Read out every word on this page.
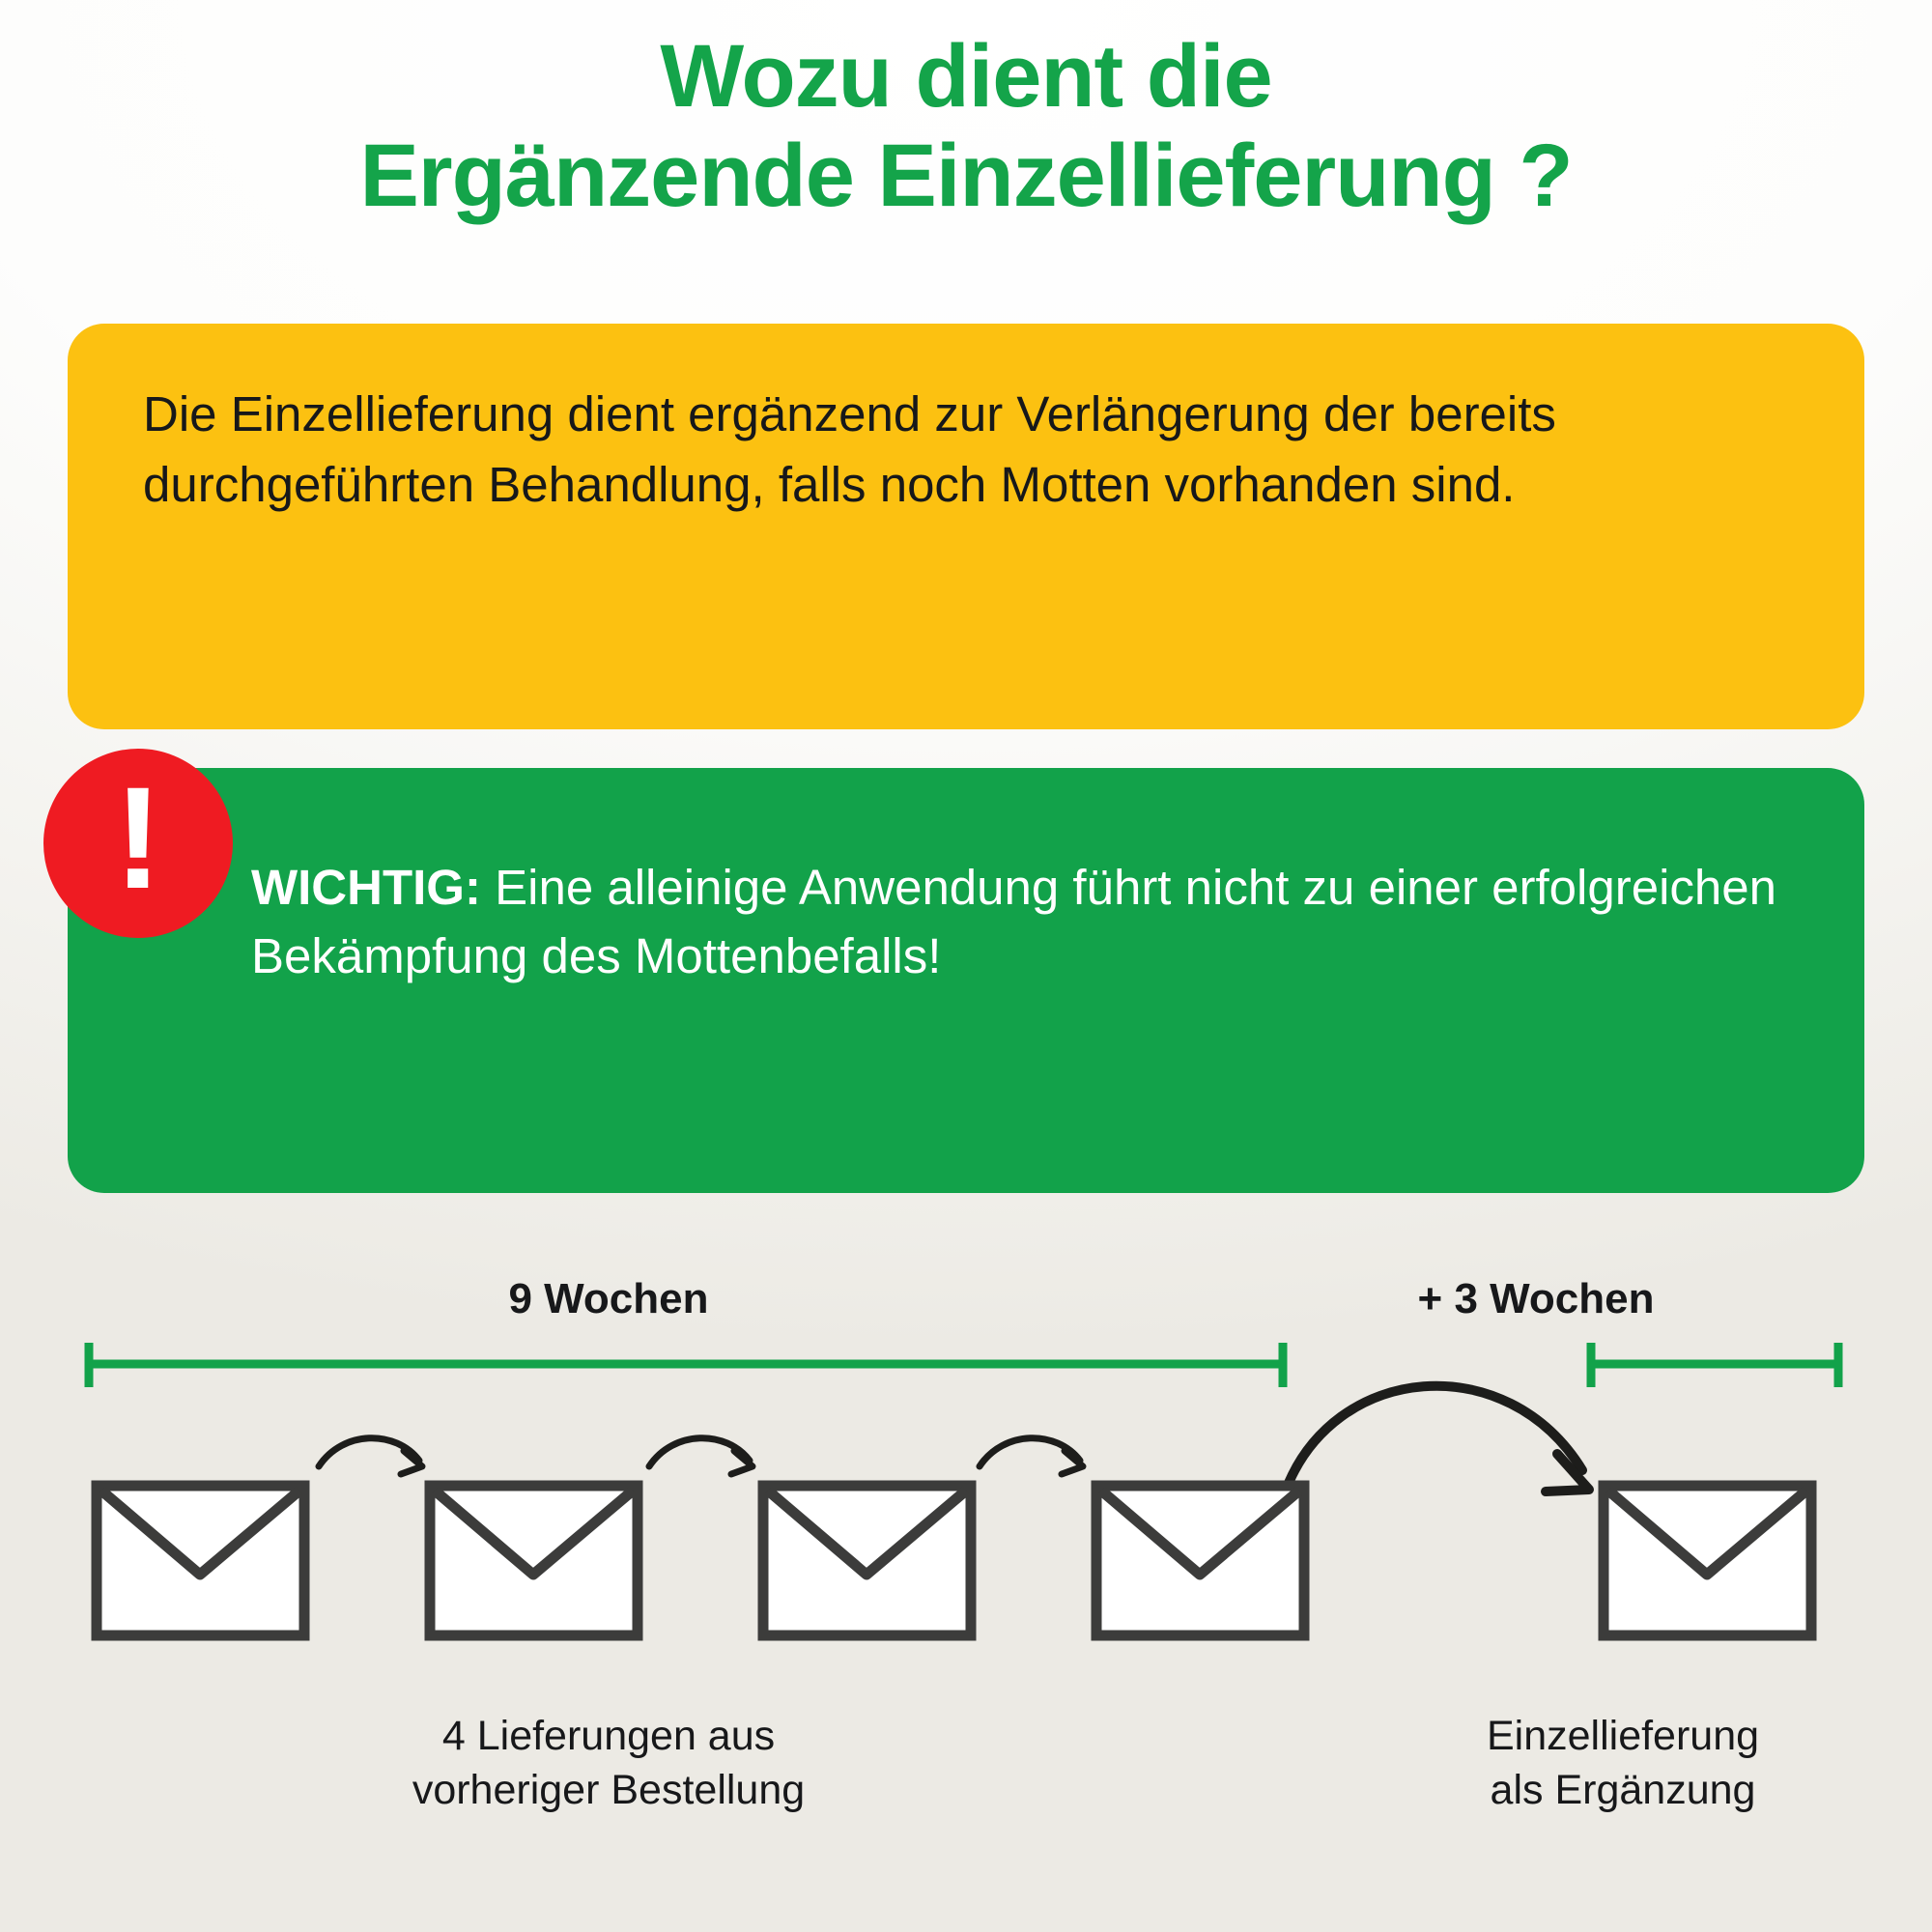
Wozu dient die
Ergänzende Einzellieferung ?

Die Einzellieferung dient ergänzend zur Verlängerung der bereits durchgeführten Behandlung, falls noch Motten vorhanden sind.

WICHTIG: Eine alleinige Anwendung führt nicht zu einer erfolgreichen Bekämpfung des Mottenbefalls!

!
9 Wochen	+ 3 Wochen
4 Lieferungen aus
vorheriger Bestellung
Einzellieferung
als Ergänzung
